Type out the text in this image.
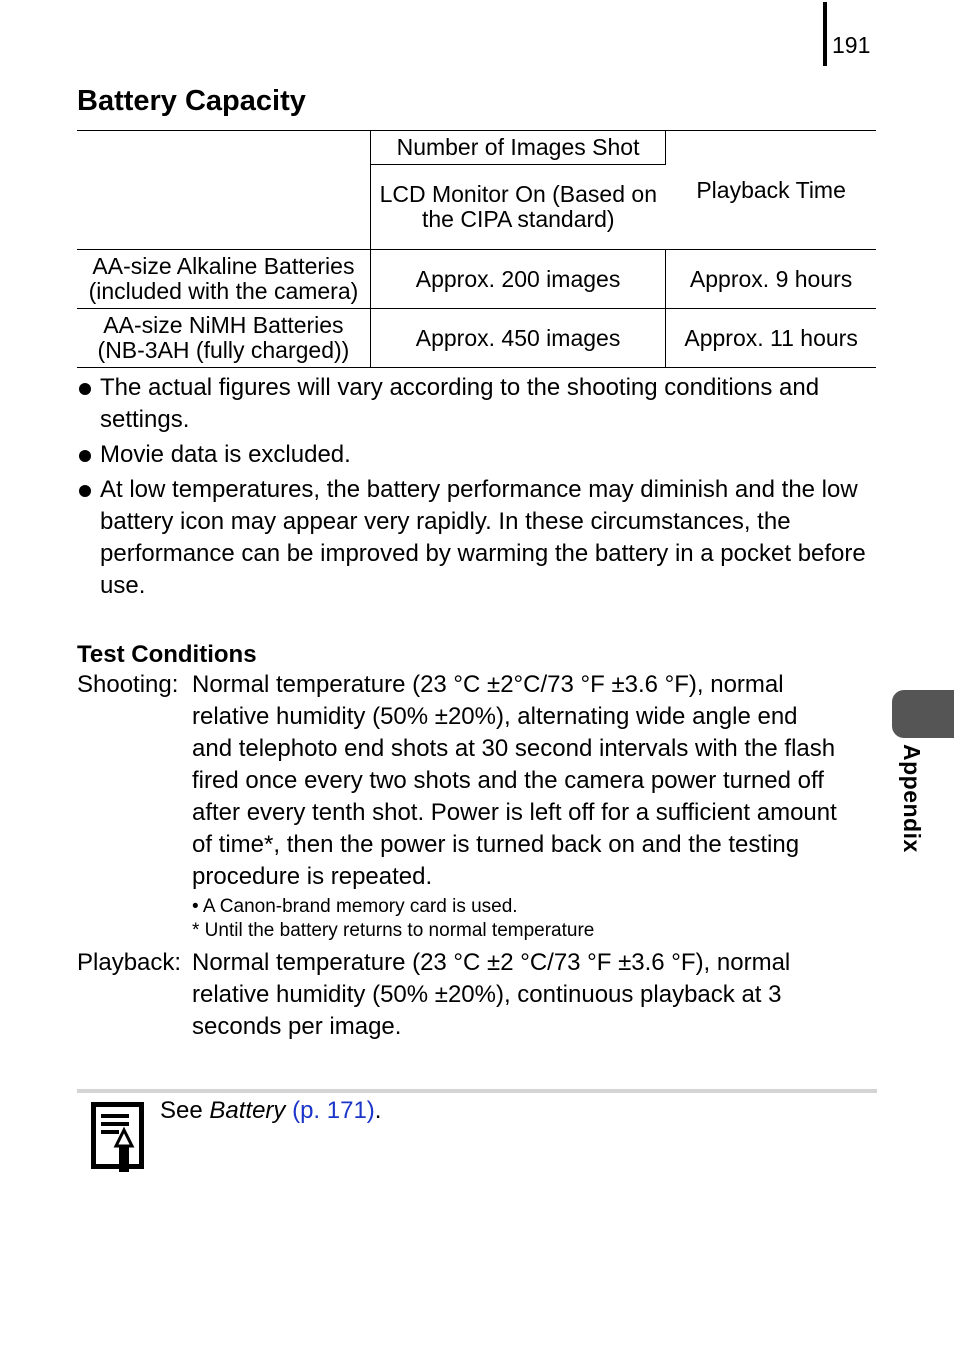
191
Battery Capacity
	Number of Images Shot	Playback Time
	LCD Monitor On (Based on the CIPA standard)	
AA-size Alkaline Batteries (included with the camera)	Approx. 200 images	Approx. 9 hours
AA-size NiMH Batteries (NB-3AH (fully charged))	Approx. 450 images	Approx. 11 hours
The actual figures will vary according to the shooting conditions and settings.
Movie data is excluded.
At low temperatures, the battery performance may diminish and the low battery icon may appear very rapidly. In these circumstances, the performance can be improved by warming the battery in a pocket before use.
Test Conditions
Shooting: Normal temperature (23 °C ±2°C/73 °F ±3.6 °F), normal
relative humidity (50% ±20%), alternating wide angle end
and telephoto end shots at 30 second intervals with the flash
fired once every two shots and the camera power turned off
after every tenth shot. Power is left off for a sufficient amount
of time*, then the power is turned back on and the testing
procedure is repeated.
• A Canon-brand memory card is used.
* Until the battery returns to normal temperature
Playback: Normal temperature (23 °C ±2 °C/73 °F ±3.6 °F), normal
relative humidity (50% ±20%), continuous playback at 3
seconds per image.
Appendix
See Battery (p. 171).
